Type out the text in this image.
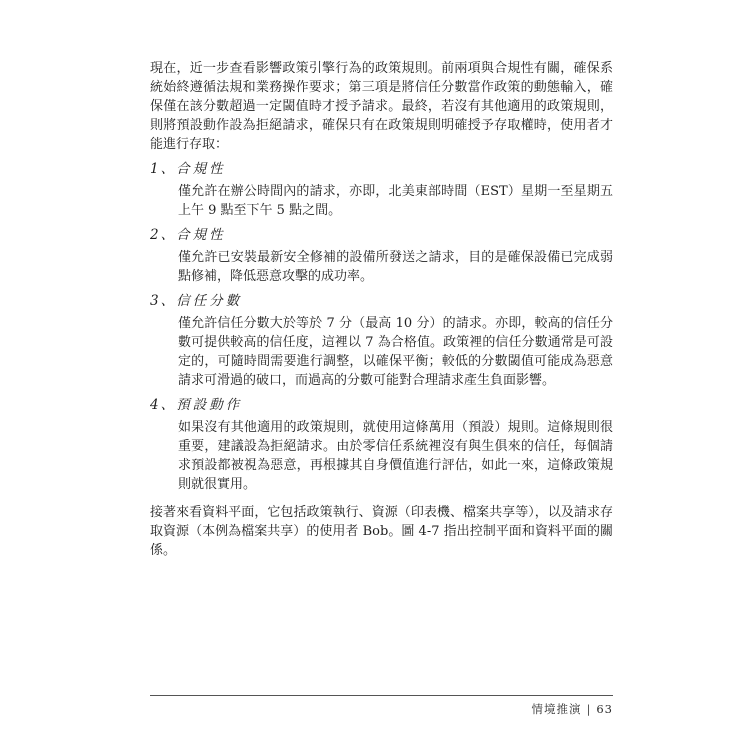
現在，近一步查看影響政策引擎行為的政策規則。前兩項與合規性有關，確保系統始終遵循法規和業務操作要求；第三項是將信任分數當作政策的動態輸入，確保僅在該分數超過一定閾值時才授予請求。最終，若沒有其他適用的政策規則，則將預設動作設為拒絕請求，確保只有在政策規則明確授予存取權時，使用者才能進行存取：

1、合規性

僅允許在辦公時間內的請求，亦即，北美東部時間（EST）星期一至星期五上午 9 點至下午 5 點之間。

2、合規性

僅允許已安裝最新安全修補的設備所發送之請求，目的是確保設備已完成弱點修補，降低惡意攻擊的成功率。

3、信任分數

僅允許信任分數大於等於 7 分（最高 10 分）的請求。亦即，較高的信任分數可提供較高的信任度，這裡以 7 為合格值。政策裡的信任分數通常是可設定的，可隨時間需要進行調整，以確保平衡；較低的分數閾值可能成為惡意請求可滑過的破口，而過高的分數可能對合理請求產生負面影響。

4、預設動作

如果沒有其他適用的政策規則，就使用這條萬用（預設）規則。這條規則很重要，建議設為拒絕請求。由於零信任系統裡沒有與生俱來的信任，每個請求預設都被視為惡意，再根據其自身價值進行評估，如此一來，這條政策規則就很實用。

接著來看資料平面，它包括政策執行、資源（印表機、檔案共享等），以及請求存取資源（本例為檔案共享）的使用者 Bob。圖 4-7 指出控制平面和資料平面的關係。

情境推演 | 63
